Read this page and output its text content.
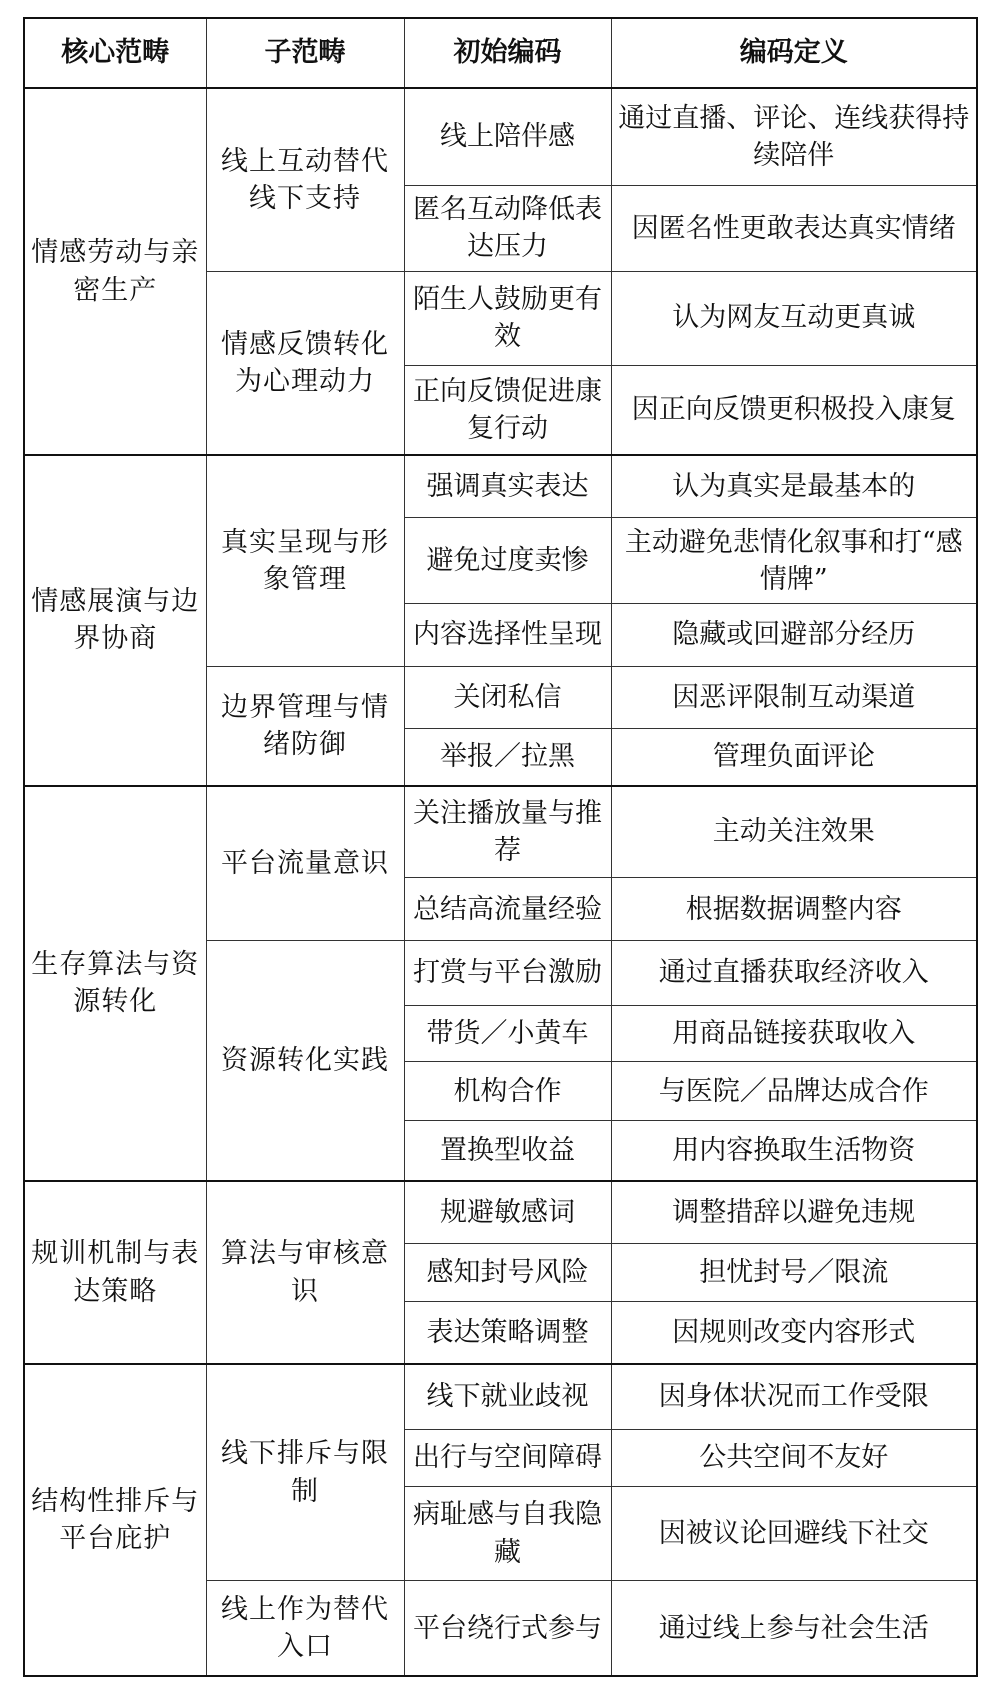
核心范畴	子范畴	初始编码	编码定义
情感劳动与亲密生产	线上互动替代线下支持	线上陪伴感	通过直播、评论、连线获得持续陪伴
		匿名互动降低表达压力	因匿名性更敢表达真实情绪
	情感反馈转化为心理动力	陌生人鼓励更有效	认为网友互动更真诚
		正向反馈促进康复行动	因正向反馈更积极投入康复
情感展演与边界协商	真实呈现与形象管理	强调真实表达	认为真实是最基本的
		避免过度卖惨	主动避免悲情化叙事和打“感情牌”
		内容选择性呈现	隐藏或回避部分经历
	边界管理与情绪防御	关闭私信	因恶评限制互动渠道
		举报／拉黑	管理负面评论
生存算法与资源转化	平台流量意识	关注播放量与推荐	主动关注效果
		总结高流量经验	根据数据调整内容
	资源转化实践	打赏与平台激励	通过直播获取经济收入
		带货／小黄车	用商品链接获取收入
		机构合作	与医院／品牌达成合作
		置换型收益	用内容换取生活物资
规训机制与表达策略	算法与审核意识	规避敏感词	调整措辞以避免违规
		感知封号风险	担忧封号／限流
		表达策略调整	因规则改变内容形式
结构性排斥与平台庇护	线下排斥与限制	线下就业歧视	因身体状况而工作受限
		出行与空间障碍	公共空间不友好
		病耻感与自我隐藏	因被议论回避线下社交
	线上作为替代入口	平台绕行式参与	通过线上参与社会生活
